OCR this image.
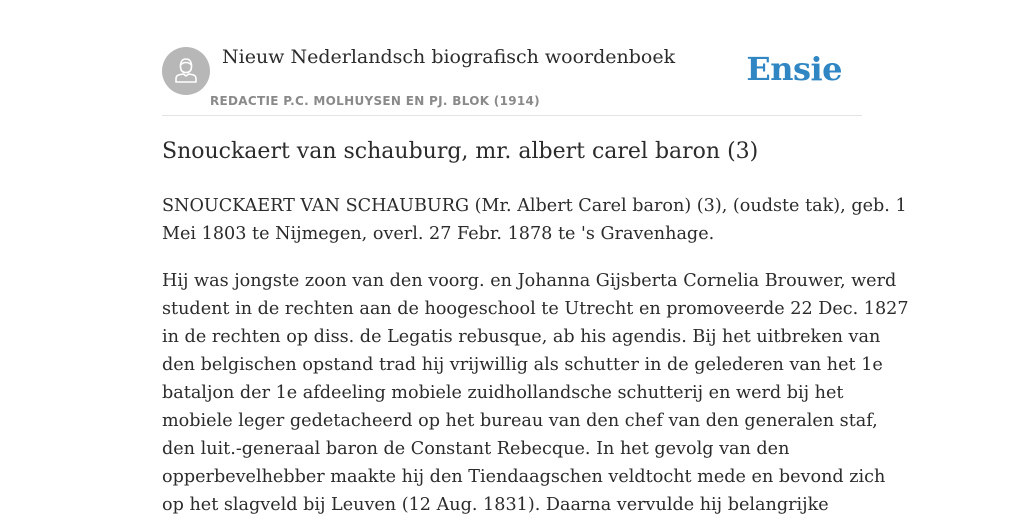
Nieuw Nederlandsch biografisch woordenboek
REDACTIE P.C. MOLHUYSEN EN PJ. BLOK (1914)
Ensie
Snouckaert van schauburg, mr. albert carel baron (3)

SNOUCKAERT VAN SCHAUBURG (Mr. Albert Carel baron) (3), (oudste tak), geb. 1
Mei 1803 te Nijmegen, overl. 27 Febr. 1878 te 's Gravenhage.

Hij was jongste zoon van den voorg. en Johanna Gijsberta Cornelia Brouwer, werd
student in de rechten aan de hoogeschool te Utrecht en promoveerde 22 Dec. 1827
in de rechten op diss. de Legatis rebusque, ab his agendis. Bij het uitbreken van
den belgischen opstand trad hij vrijwillig als schutter in de gelederen van het 1e
bataljon der 1e afdeeling mobiele zuidhollandsche schutterij en werd bij het
mobiele leger gedetacheerd op het bureau van den chef van den generalen staf,
den luit.-generaal baron de Constant Rebecque. In het gevolg van den
opperbevelhebber maakte hij den Tiendaagschen veldtocht mede en bevond zich
op het slagveld bij Leuven (12 Aug. 1831). Daarna vervulde hij belangrijke
